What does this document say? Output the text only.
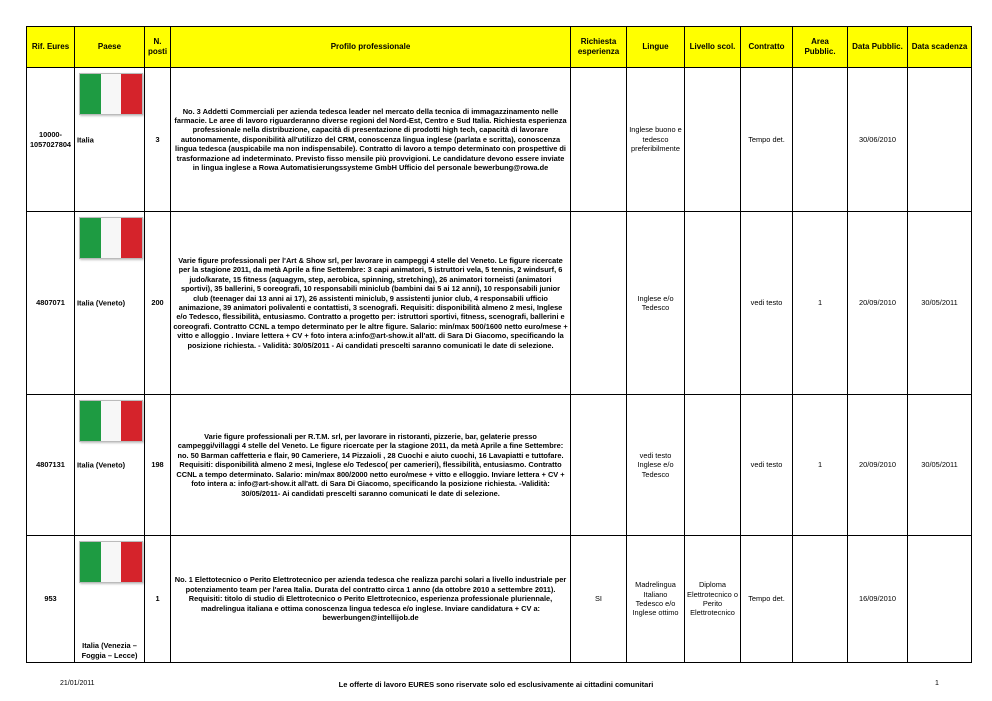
Rif. Eures	Paese	N. posti	Profilo professionale	Richiesta esperienza	Lingue	Livello scol.	Contratto	Area Pubblic.	Data Pubblic.	Data scadenza
10000-1057027804	Italia	3	No. 3 Addetti Commerciali per azienda tedesca leader nel mercato della tecnica di immagazzinamento nelle farmacie. Le aree di lavoro riguarderanno diverse regioni del Nord-Est, Centro e Sud Italia. Richiesta esperienza professionale nella distribuzione, capacità di presentazione di prodotti high tech, capacità di lavorare autonomamente, disponibilità all'utilizzo del CRM, conoscenza lingua inglese (parlata e scritta), conoscenza lingua tedesca (auspicabile ma non indispensabile). Contratto di lavoro a tempo determinato con prospettive di trasformazione ad indeterminato. Previsto fisso mensile più provvigioni. Le candidature devono essere inviate in lingua inglese a Rowa Automatisierungssysteme GmbH Ufficio del personale bewerbung@rowa.de		Inglese buono e tedesco preferibilmente		Tempo det.		30/06/2010	
4807071	Italia (Veneto)	200	Varie figure professionali per l'Art & Show srl, per lavorare in campeggi 4 stelle del Veneto. Le figure ricercate per la stagione 2011, da metà Aprile a fine Settembre: 3 capi animatori, 5 istruttori vela, 5 tennis, 2 windsurf, 6 judo/karate, 15 fitness (aquagym, step, aerobica, spinning, stretching), 26 animatori torneisti (animatori sportivi), 35 ballerini, 5 coreografi, 10 responsabili miniclub (bambini dai 5 ai 12 anni), 10 responsabili junior club (teenager dai 13 anni ai 17), 26 assistenti miniclub, 9 assistenti junior club, 4 responsabili ufficio animazione, 39 animatori polivalenti e contattisti, 3 scenografi. Requisiti: disponibilità almeno 2 mesi, Inglese e/o Tedesco, flessibilità, entusiasmo. Contratto a progetto per: istruttori sportivi, fitness, scenografi, ballerini e coreografi. Contratto CCNL a tempo determinato per le altre figure. Salario: min/max 500/1600 netto euro/mese + vitto e alloggio . Inviare lettera + CV + foto intera a:info@art-show.it all'att. di Sara Di Giacomo, specificando la posizione richiesta. - Validità: 30/05/2011 - Ai candidati prescelti saranno comunicati le date di selezione.		Inglese e/o Tedesco		vedi testo	1	20/09/2010	30/05/2011
4807131	Italia (Veneto)	198	Varie figure professionali per R.T.M. srl, per lavorare in ristoranti, pizzerie, bar, gelaterie presso campeggi/villaggi 4 stelle del Veneto. Le figure ricercate per la stagione 2011, da metà Aprile a fine Settembre: no. 50 Barman caffetteria e flair, 90 Cameriere, 14 Pizzaioli , 28 Cuochi e aiuto cuochi, 16 Lavapiatti e tuttofare. Requisiti: disponibilità almeno 2 mesi, Inglese e/o Tedesco( per camerieri), flessibilità, entusiasmo. Contratto CCNL a tempo determinato. Salario: min/max 800/2000 netto euro/mese + vitto e elloggio. Inviare lettera + CV + foto intera a: info@art-show.it all'att. di Sara Di Giacomo, specificando la posizione richiesta. -Validità: 30/05/2011- Ai candidati prescelti saranno comunicati le date di selezione.		vedi testo Inglese e/o Tedesco		vedi testo	1	20/09/2010	30/05/2011
953	Italia (Venezia – Foggia – Lecce)	1	No. 1 Elettotecnico o Perito Elettrotecnico per azienda tedesca che realizza parchi solari a livello industriale per potenziamento team per l'area Italia. Durata del contratto circa 1 anno (da ottobre 2010 a settembre 2011). Requisiti: titolo di studio di Elettrotecnico o Perito Elettrotecnico, esperienza professionale pluriennale, madrelingua italiana e ottima conoscenza lingua tedesca e/o inglese. Inviare candidatura + CV a: bewerbungen@intellijob.de	SI	Madrelingua Italiano Tedesco e/o Inglese ottimo	Diploma Elettrotecnico o Perito Elettrotecnico	Tempo det.		16/09/2010	
21/01/2011	Le offerte di lavoro EURES sono riservate solo ed esclusivamente ai cittadini comunitari	1
